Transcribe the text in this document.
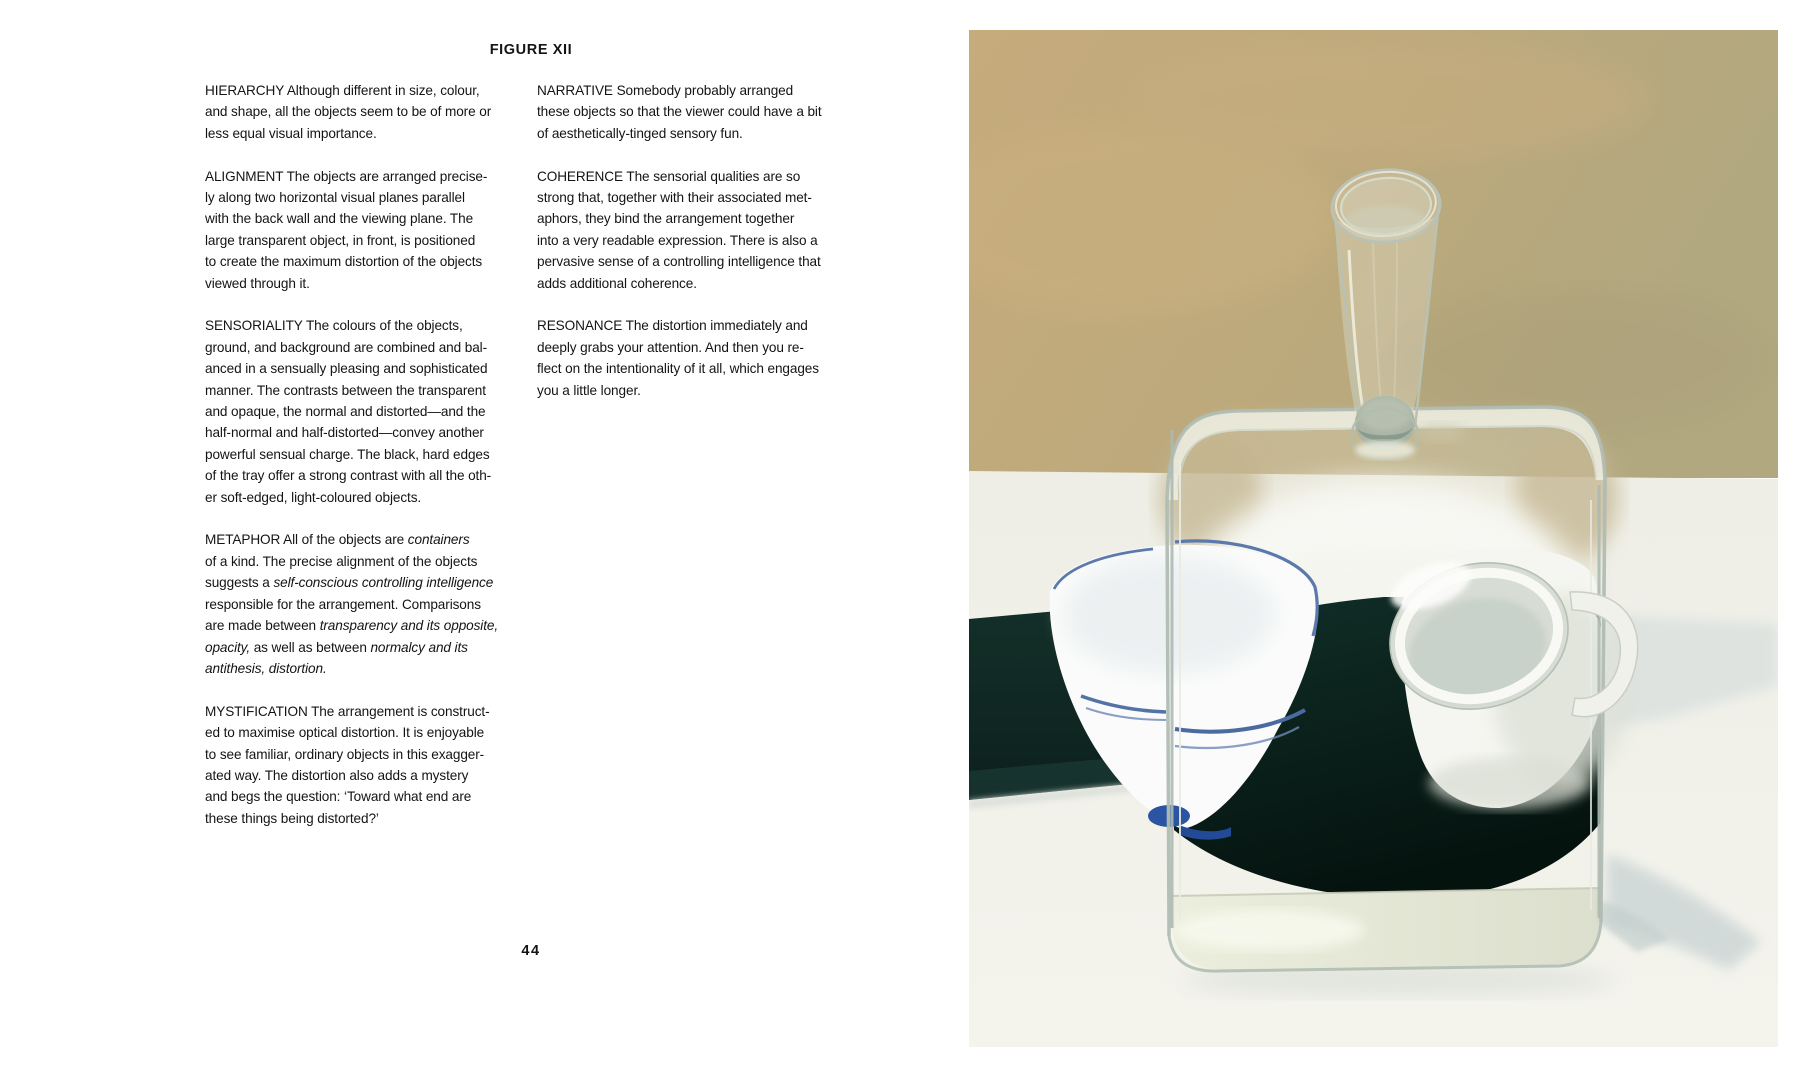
FIGURE XII
HIERARCHY Although different in size, colour,
and shape, all the objects seem to be of more or
less equal visual importance.
ALIGNMENT The objects are arranged precise-
ly along two horizontal visual planes parallel
with the back wall and the viewing plane. The
large transparent object, in front, is positioned
to create the maximum distortion of the objects
viewed through it.
SENSORIALITY The colours of the objects,
ground, and background are combined and bal-
anced in a sensually pleasing and sophisticated
manner. The contrasts between the transparent
and opaque, the normal and distorted—and the
half-normal and half-distorted—convey another
powerful sensual charge. The black, hard edges
of the tray offer a strong contrast with all the oth-
er soft-edged, light-coloured objects.
METAPHOR All of the objects are containers
of a kind. The precise alignment of the objects
suggests a self-conscious controlling intelligence
responsible for the arrangement. Comparisons
are made between transparency and its opposite,
opacity, as well as between normalcy and its
antithesis, distortion.
MYSTIFICATION The arrangement is construct-
ed to maximise optical distortion. It is enjoyable
to see familiar, ordinary objects in this exagger-
ated way. The distortion also adds a mystery
and begs the question: ‘Toward what end are
these things being distorted?’
NARRATIVE Somebody probably arranged
these objects so that the viewer could have a bit
of aesthetically-tinged sensory fun.
COHERENCE The sensorial qualities are so
strong that, together with their associated met-
aphors, they bind the arrangement together
into a very readable expression. There is also a
pervasive sense of a controlling intelligence that
adds additional coherence.
RESONANCE The distortion immediately and
deeply grabs your attention. And then you re-
flect on the intentionality of it all, which engages
you a little longer.
44
